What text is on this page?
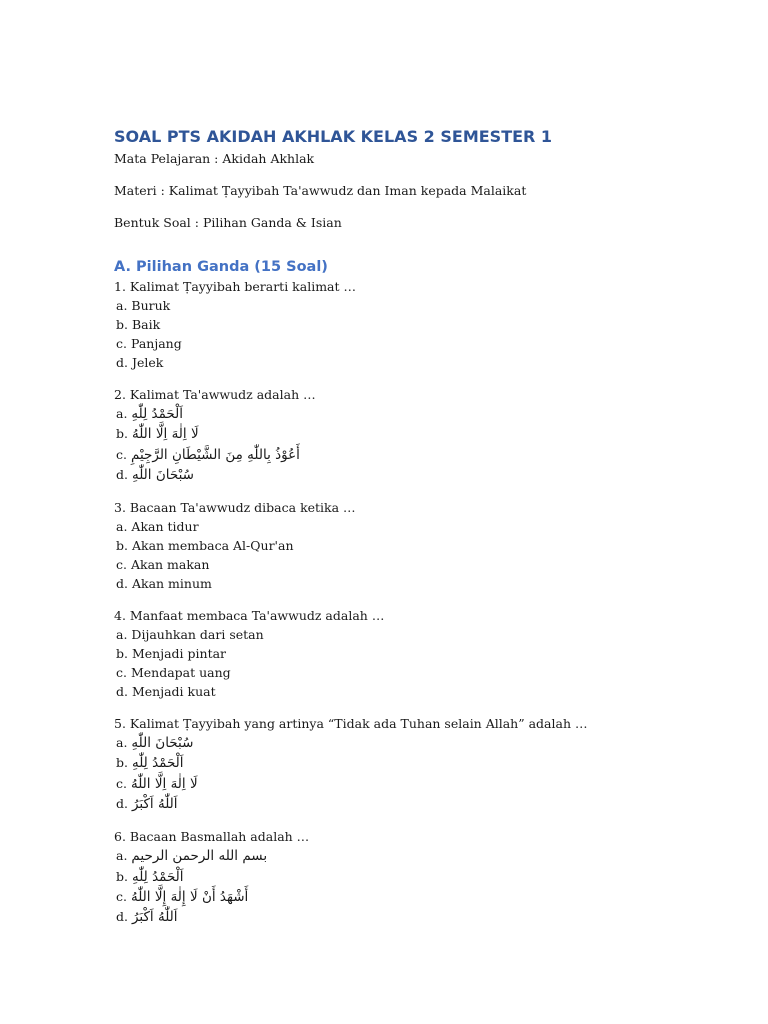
SOAL PTS AKIDAH AKHLAK KELAS 2 SEMESTER 1

Mata Pelajaran : Akidah Akhlak

Materi : Kalimat Ṭayyibah Ta'awwudz dan Iman kepada Malaikat

Bentuk Soal : Pilihan Ganda & Isian

A. Pilihan Ganda (15 Soal)

1. Kalimat Ṭayyibah berarti kalimat …

a. Buruk

b. Baik

c. Panjang

d. Jelek

2. Kalimat Ta'awwudz adalah …

a. اَلْحَمْدُ لِلّٰهِ

b. لَا اِلٰهَ اِلَّا اللّٰهُ

c. أَعُوْذُ بِاللّٰهِ مِنَ الشَّيْطَانِ الرَّجِيْمِ

d. سُبْحَانَ اللّٰهِ

3. Bacaan Ta'awwudz dibaca ketika …

a. Akan tidur

b. Akan membaca Al-Qur'an

c. Akan makan

d. Akan minum

4. Manfaat membaca Ta'awwudz adalah …

a. Dijauhkan dari setan

b. Menjadi pintar

c. Mendapat uang

d. Menjadi kuat

5. Kalimat Ṭayyibah yang artinya “Tidak ada Tuhan selain Allah” adalah …

a. سُبْحَانَ اللّٰهِ

b. اَلْحَمْدُ لِلّٰهِ

c. لَا اِلٰهَ اِلَّا اللّٰهُ

d. اَللّٰهُ اَكْبَرُ

6. Bacaan Basmallah adalah …

a. بسم الله الرحمن الرحيم

b. اَلْحَمْدُ لِلّٰهِ

c. أَشْهَدُ أَنْ لَا إِلٰهَ إِلَّا اللّٰهُ

d. اَللّٰهُ اَكْبَرُ
